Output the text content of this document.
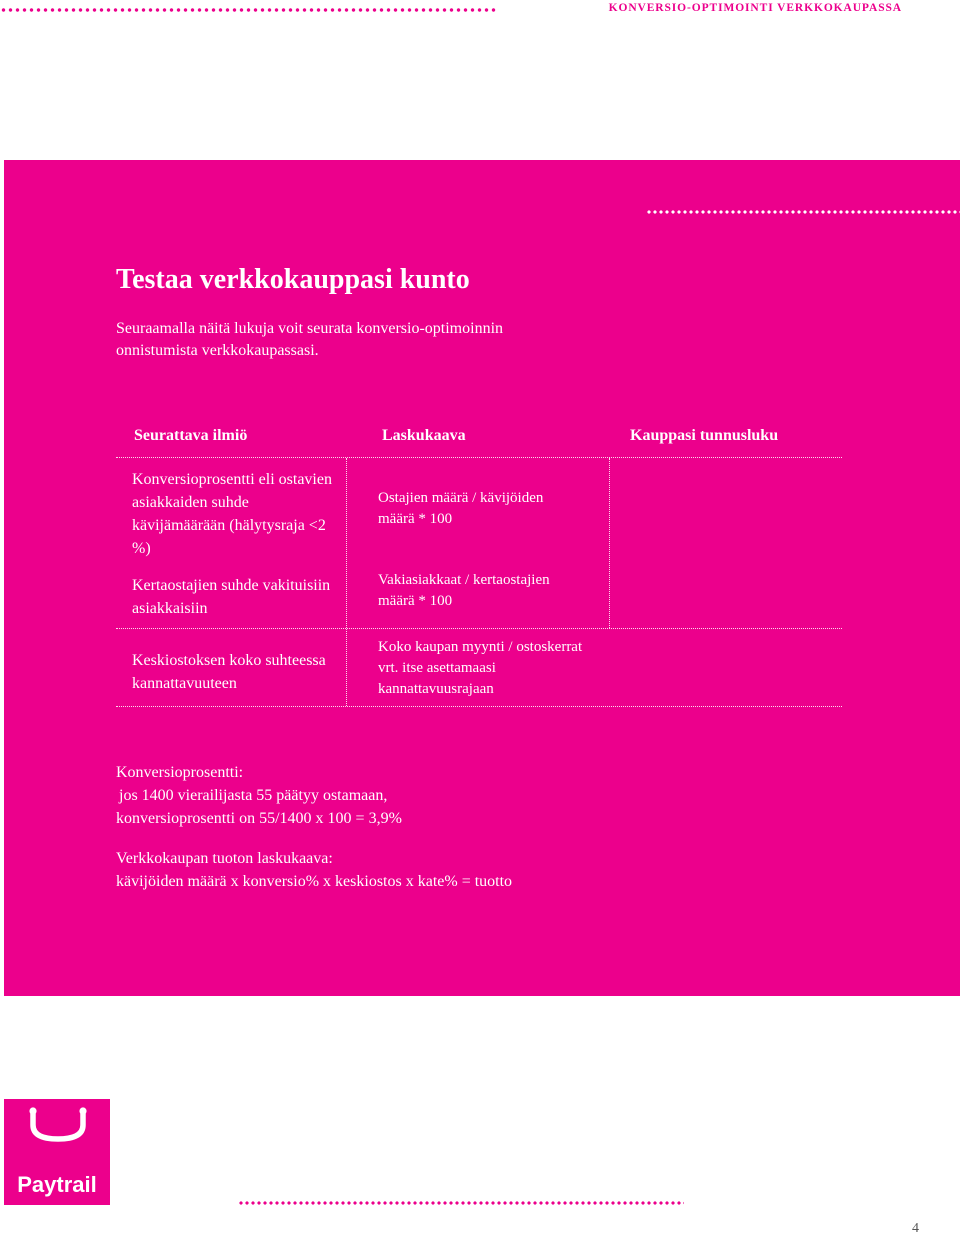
KONVERSIO-OPTIMOINTI VERKKOKAUPASSA
Testaa verkkokauppasi kunto

Seuraamalla näitä lukuja voit seurata konversio-optimoinnin onnistumista verkkokaupassasi.

Seurattava ilmiö	Laskukaava	Kauppasi tunnusluku

Konversioprosentti eli ostavien asiakkaiden suhde kävijämäärään (hälytysraja <2 %)

Ostajien määrä / kävijöiden määrä * 100

Kertaostajien suhde vakituisiin asiakkaisiin

Vakiasiakkaat / kertaostajien määrä * 100

Keskiostoksen koko suhteessa kannattavuuteen

Koko kaupan myynti / ostoskerrat vrt. itse asettamaasi kannattavuusrajaan

Konversioprosentti:

jos 1400 vierailijasta 55 päätyy ostamaan,

konversioprosentti on 55/1400 x 100 = 3,9%

Verkkokaupan tuoton laskukaava:

kävijöiden määrä x konversio% x keskiostos x kate% = tuotto

Paytrail
4
